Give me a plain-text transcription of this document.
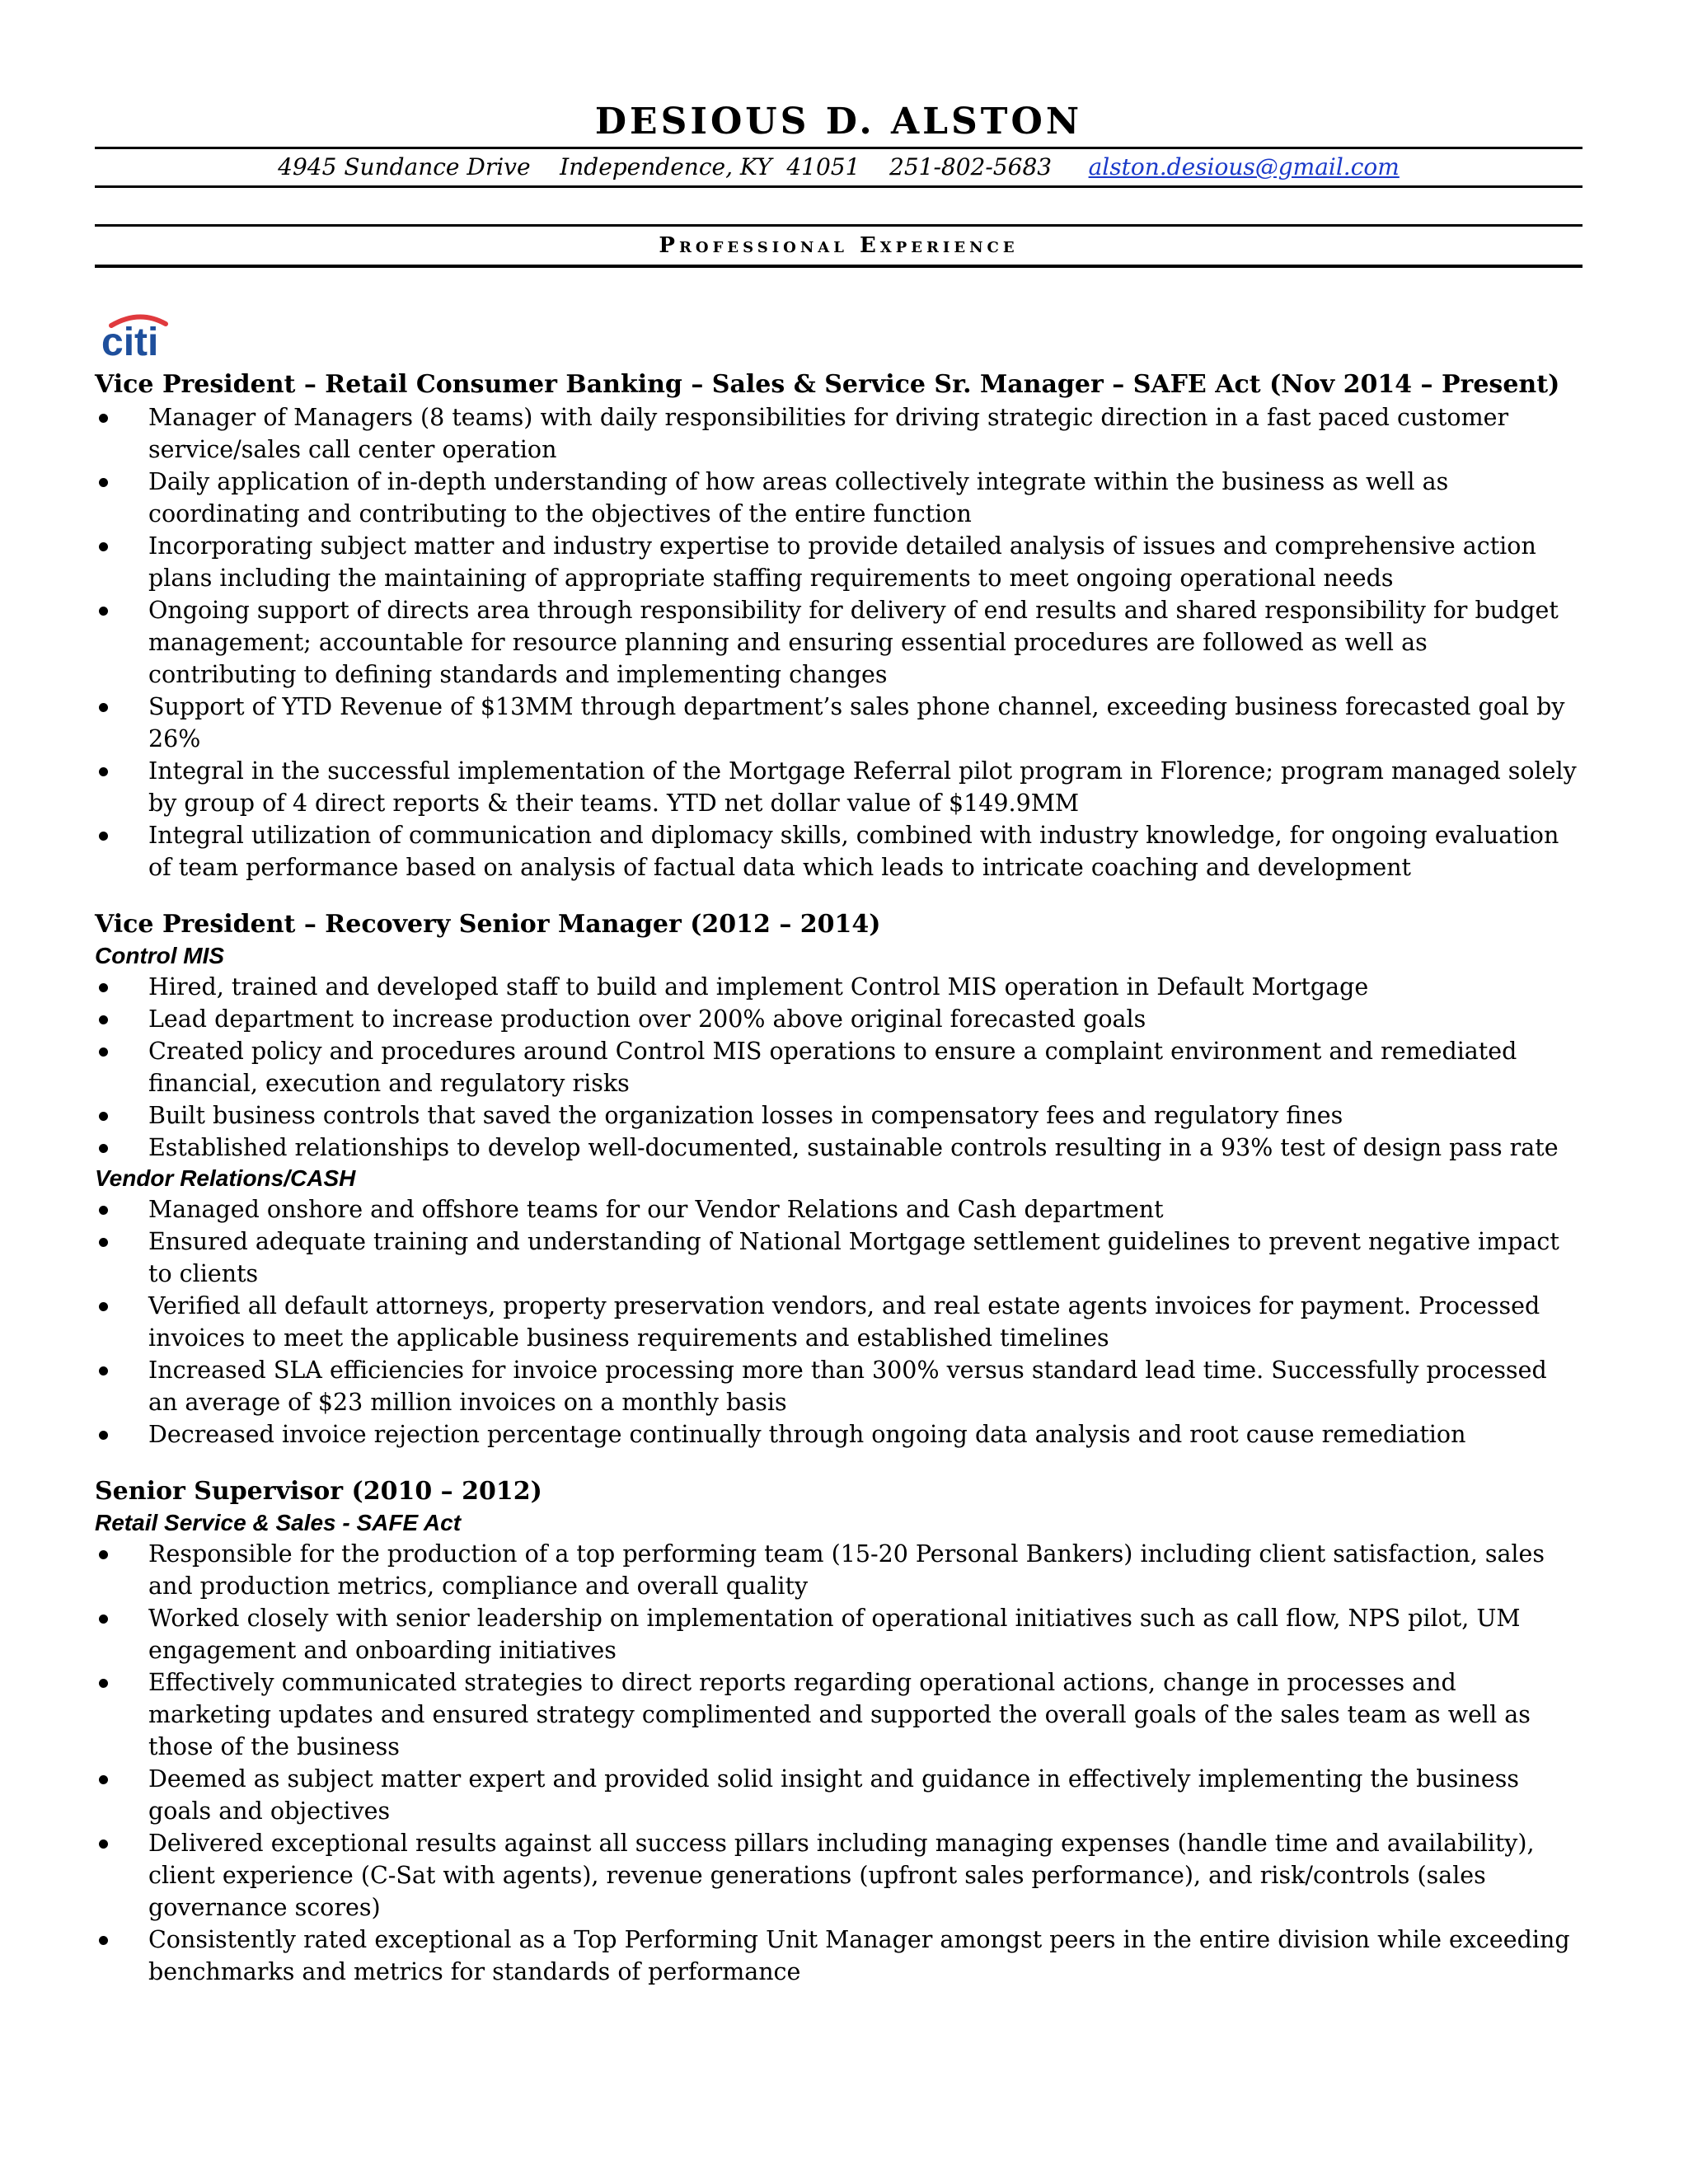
DESIOUS D. ALSTON
4945 Sundance Drive Independence, KY  41051 251-802-5683 alston.desious@gmail.com
Professional Experience
citi
Vice President – Retail Consumer Banking – Sales & Service Sr. Manager – SAFE Act (Nov 2014 – Present)
Manager of Managers (8 teams) with daily responsibilities for driving strategic direction in a fast paced customer service/sales call center operation
Daily application of in-depth understanding of how areas collectively integrate within the business as well as coordinating and contributing to the objectives of the entire function
Incorporating subject matter and industry expertise to provide detailed analysis of issues and comprehensive action plans including the maintaining of appropriate staffing requirements to meet ongoing operational needs
Ongoing support of directs area through responsibility for delivery of end results and shared responsibility for budget management; accountable for resource planning and ensuring essential procedures are followed as well as contributing to defining standards and implementing changes
Support of YTD Revenue of $13MM through department’s sales phone channel, exceeding business forecasted goal by 26%
Integral in the successful implementation of the Mortgage Referral pilot program in Florence; program managed solely by group of 4 direct reports & their teams. YTD net dollar value of $149.9MM
Integral utilization of communication and diplomacy skills, combined with industry knowledge, for ongoing evaluation of team performance based on analysis of factual data which leads to intricate coaching and development
Vice President – Recovery Senior Manager (2012 – 2014)
Control MIS
Hired, trained and developed staff to build and implement Control MIS operation in Default Mortgage
Lead department to increase production over 200% above original forecasted goals
Created policy and procedures around Control MIS operations to ensure a complaint environment and remediated financial, execution and regulatory risks
Built business controls that saved the organization losses in compensatory fees and regulatory fines
Established relationships to develop well-documented, sustainable controls resulting in a 93% test of design pass rate
Vendor Relations/CASH
Managed onshore and offshore teams for our Vendor Relations and Cash department
Ensured adequate training and understanding of National Mortgage settlement guidelines to prevent negative impact to clients
Verified all default attorneys, property preservation vendors, and real estate agents invoices for payment. Processed invoices to meet the applicable business requirements and established timelines
Increased SLA efficiencies for invoice processing more than 300% versus standard lead time. Successfully processed an average of $23 million invoices on a monthly basis
Decreased invoice rejection percentage continually through ongoing data analysis and root cause remediation
Senior Supervisor (2010 – 2012)
Retail Service & Sales - SAFE Act
Responsible for the production of a top performing team (15-20 Personal Bankers) including client satisfaction, sales and production metrics, compliance and overall quality
Worked closely with senior leadership on implementation of operational initiatives such as call flow, NPS pilot, UM engagement and onboarding initiatives
Effectively communicated strategies to direct reports regarding operational actions, change in processes and marketing updates and ensured strategy complimented and supported the overall goals of the sales team as well as those of the business
Deemed as subject matter expert and provided solid insight and guidance in effectively implementing the business goals and objectives
Delivered exceptional results against all success pillars including managing expenses (handle time and availability), client experience (C-Sat with agents), revenue generations (upfront sales performance), and risk/controls (sales governance scores)
Consistently rated exceptional as a Top Performing Unit Manager amongst peers in the entire division while exceeding benchmarks and metrics for standards of performance
